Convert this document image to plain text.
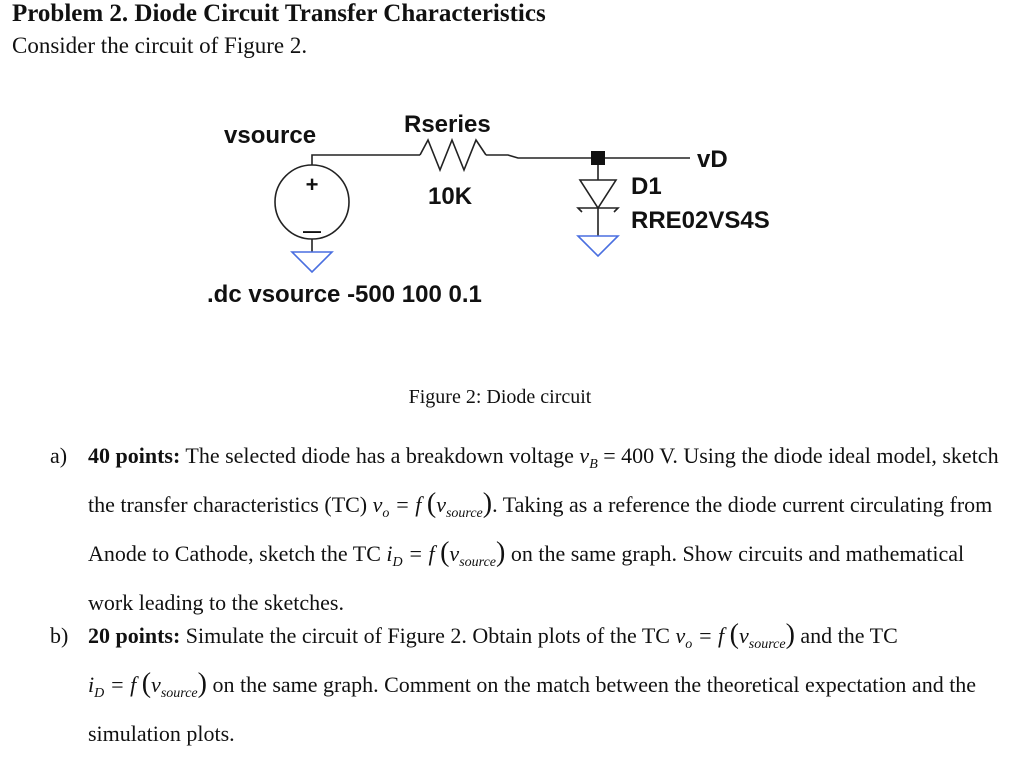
Problem 2. Diode Circuit Transfer Characteristics
Consider the circuit of Figure 2.
+
—
vsource	Rseries
10K
vD
D1
RRE02VS4S
.dc vsource -500 100 0.1
Figure 2: Diode circuit
a) 40 points: The selected diode has a breakdown voltage $v_B = 400$ V. Using the diode ideal model, sketch the transfer characteristics (TC) $v_o = f$ $(v_{source})$. Taking as a reference the diode current circulating from Anode to Cathode, sketch the TC $i_D = f$ $(v_{source})$ on the same graph. Show circuits and mathematical work leading to the sketches.
b) 20 points: Simulate the circuit of Figure 2. Obtain plots of the TC $v_o = f$ $(v_{source})$ and the TC $i_D = f$ $(v_{source})$ on the same graph. Comment on the match between the theoretical expectation and the simulation plots.
